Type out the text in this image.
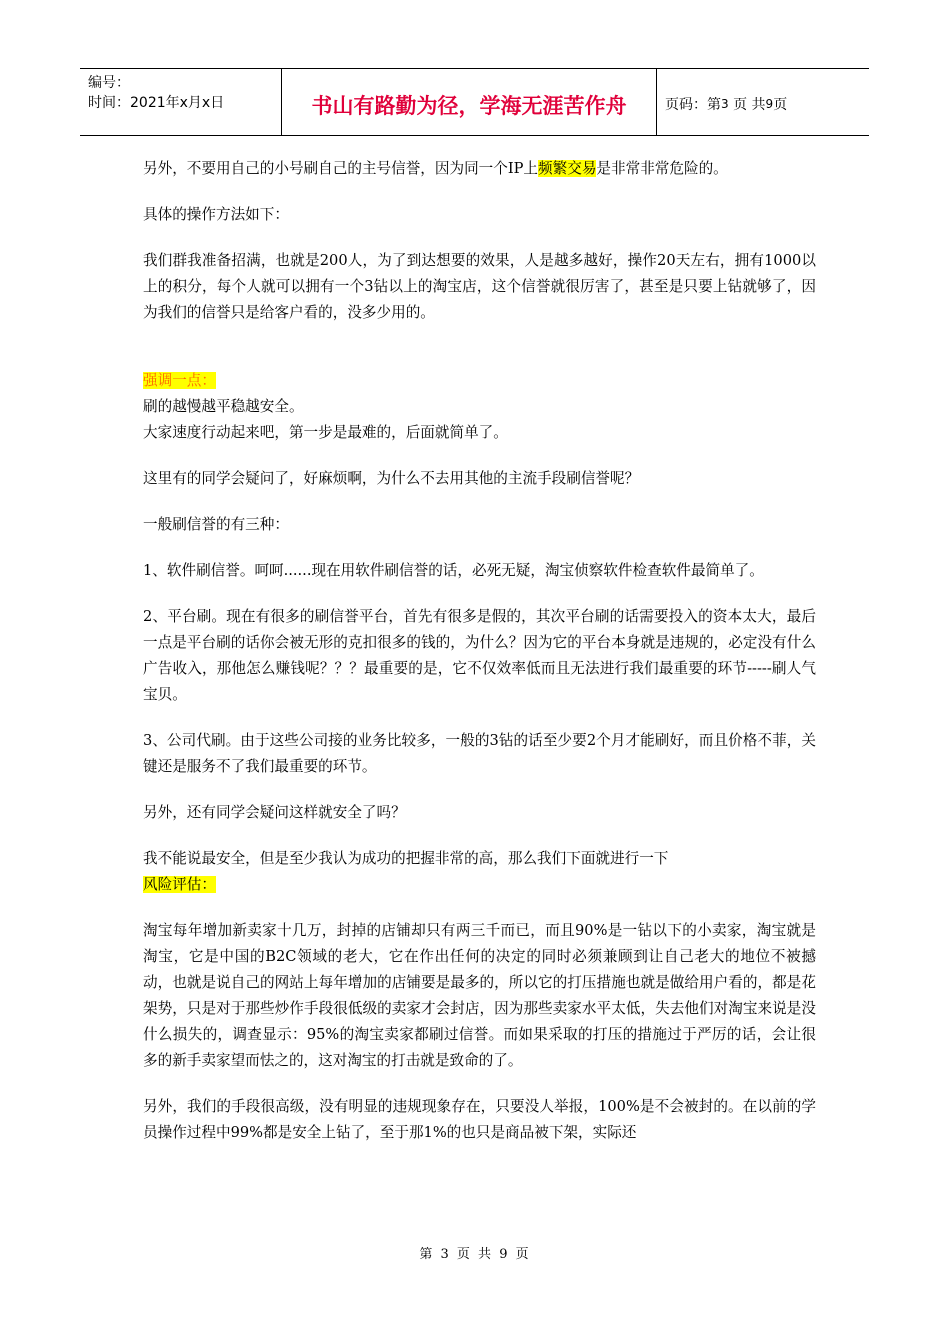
编号：
时间：2021年x月x日	书山有路勤为径，学海无涯苦作舟	页码：第 3
页 共 9 页

另外，不要用自己的小号刷自己的主号信誉，因为同一个IP上频繁交易是非常非常危险的。

具体的操作方法如下：

我们群我准备招满，也就是200人，为了到达想要的效果，人是越多越好，操作20天左右，拥有1000以上的积分，每个人就可以拥有一个3钻以上的淘宝店，这个信誉就很厉害了，甚至是只要上钻就够了，因为我们的信誉只是给客户看的，没多少用的。

强调一点：

刷的越慢越平稳越安全。

大家速度行动起来吧，第一步是最难的，后面就简单了。

这里有的同学会疑问了，好麻烦啊，为什么不去用其他的主流手段刷信誉呢？

一般刷信誉的有三种：

1、软件刷信誉。呵呵......现在用软件刷信誉的话，必死无疑，淘宝侦察软件检查软件最简单了。

2、平台刷。现在有很多的刷信誉平台，首先有很多是假的，其次平台刷的话需要投入的资本太大，最后一点是平台刷的话你会被无形的克扣很多的钱的，为什么？因为它的平台本身就是违规的，必定没有什么广告收入，那他怎么赚钱呢？？？最重要的是，它不仅效率低而且无法进行我们最重要的环节-----刷人气宝贝。

3、公司代刷。由于这些公司接的业务比较多，一般的3钻的话至少要2个月才能刷好，而且价格不菲，关键还是服务不了我们最重要的环节。

另外，还有同学会疑问这样就安全了吗？

我不能说最安全，但是至少我认为成功的把握非常的高，那么我们下面就进行一下

风险评估：

淘宝每年增加新卖家十几万，封掉的店铺却只有两三千而已，而且90%是一钻以下的小卖家，淘宝就是淘宝，它是中国的B2C领域的老大，它在作出任何的决定的同时必须兼顾到让自己老大的地位不被撼动，也就是说自己的网站上每年增加的店铺要是最多的，所以它的打压措施也就是做给用户看的，都是花架势，只是对于那些炒作手段很低级的卖家才会封店，因为那些卖家水平太低，失去他们对淘宝来说是没什么损失的，调查显示：95%的淘宝卖家都刷过信誉。而如果采取的打压的措施过于严厉的话，会让很多的新手卖家望而怯之的，这对淘宝的打击就是致命的了。

另外，我们的手段很高级，没有明显的违规现象存在，只要没人举报，100%是不会被封的。在以前的学员操作过程中99%都是安全上钻了，至于那1%的也只是商品被下架，实际还

第 3 页 共 9 页
